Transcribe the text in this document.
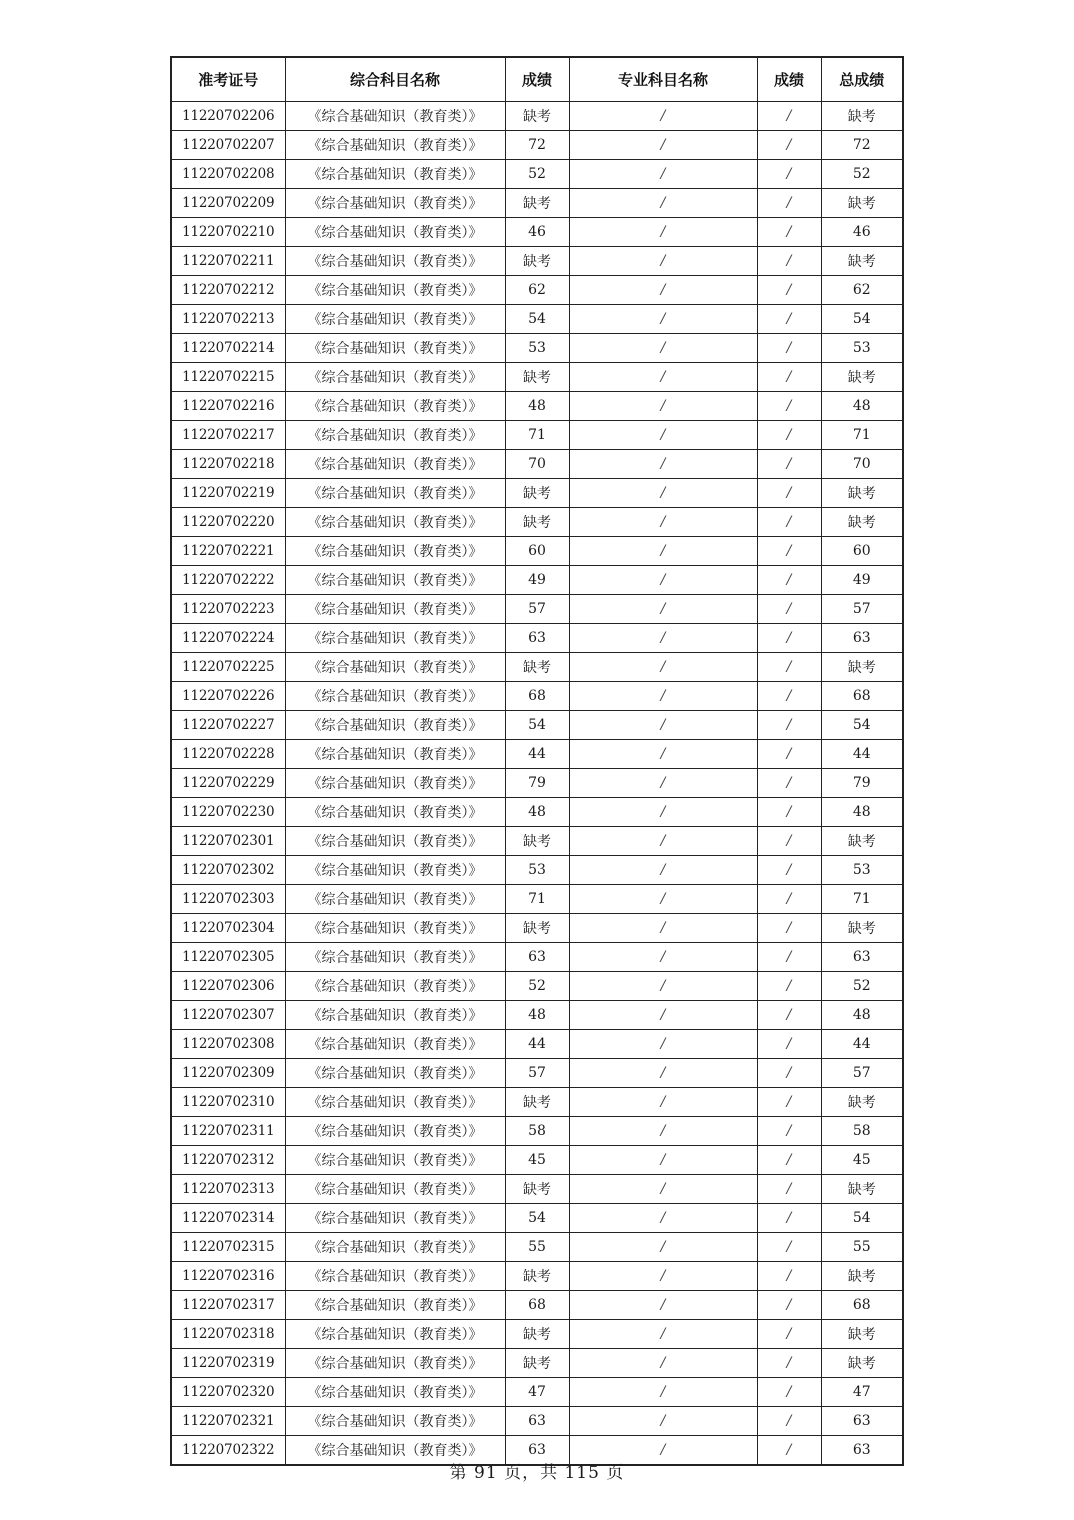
准考证号	综合科目名称	成绩	专业科目名称	成绩	总成绩
11220702206	《综合基础知识（教育类）》	缺考	/	/	缺考
11220702207	《综合基础知识（教育类）》	72	/	/	72
11220702208	《综合基础知识（教育类）》	52	/	/	52
11220702209	《综合基础知识（教育类）》	缺考	/	/	缺考
11220702210	《综合基础知识（教育类）》	46	/	/	46
11220702211	《综合基础知识（教育类）》	缺考	/	/	缺考
11220702212	《综合基础知识（教育类）》	62	/	/	62
11220702213	《综合基础知识（教育类）》	54	/	/	54
11220702214	《综合基础知识（教育类）》	53	/	/	53
11220702215	《综合基础知识（教育类）》	缺考	/	/	缺考
11220702216	《综合基础知识（教育类）》	48	/	/	48
11220702217	《综合基础知识（教育类）》	71	/	/	71
11220702218	《综合基础知识（教育类）》	70	/	/	70
11220702219	《综合基础知识（教育类）》	缺考	/	/	缺考
11220702220	《综合基础知识（教育类）》	缺考	/	/	缺考
11220702221	《综合基础知识（教育类）》	60	/	/	60
11220702222	《综合基础知识（教育类）》	49	/	/	49
11220702223	《综合基础知识（教育类）》	57	/	/	57
11220702224	《综合基础知识（教育类）》	63	/	/	63
11220702225	《综合基础知识（教育类）》	缺考	/	/	缺考
11220702226	《综合基础知识（教育类）》	68	/	/	68
11220702227	《综合基础知识（教育类）》	54	/	/	54
11220702228	《综合基础知识（教育类）》	44	/	/	44
11220702229	《综合基础知识（教育类）》	79	/	/	79
11220702230	《综合基础知识（教育类）》	48	/	/	48
11220702301	《综合基础知识（教育类）》	缺考	/	/	缺考
11220702302	《综合基础知识（教育类）》	53	/	/	53
11220702303	《综合基础知识（教育类）》	71	/	/	71
11220702304	《综合基础知识（教育类）》	缺考	/	/	缺考
11220702305	《综合基础知识（教育类）》	63	/	/	63
11220702306	《综合基础知识（教育类）》	52	/	/	52
11220702307	《综合基础知识（教育类）》	48	/	/	48
11220702308	《综合基础知识（教育类）》	44	/	/	44
11220702309	《综合基础知识（教育类）》	57	/	/	57
11220702310	《综合基础知识（教育类）》	缺考	/	/	缺考
11220702311	《综合基础知识（教育类）》	58	/	/	58
11220702312	《综合基础知识（教育类）》	45	/	/	45
11220702313	《综合基础知识（教育类）》	缺考	/	/	缺考
11220702314	《综合基础知识（教育类）》	54	/	/	54
11220702315	《综合基础知识（教育类）》	55	/	/	55
11220702316	《综合基础知识（教育类）》	缺考	/	/	缺考
11220702317	《综合基础知识（教育类）》	68	/	/	68
11220702318	《综合基础知识（教育类）》	缺考	/	/	缺考
11220702319	《综合基础知识（教育类）》	缺考	/	/	缺考
11220702320	《综合基础知识（教育类）》	47	/	/	47
11220702321	《综合基础知识（教育类）》	63	/	/	63
11220702322	《综合基础知识（教育类）》	63	/	/	63
第 91 页，共 115 页
